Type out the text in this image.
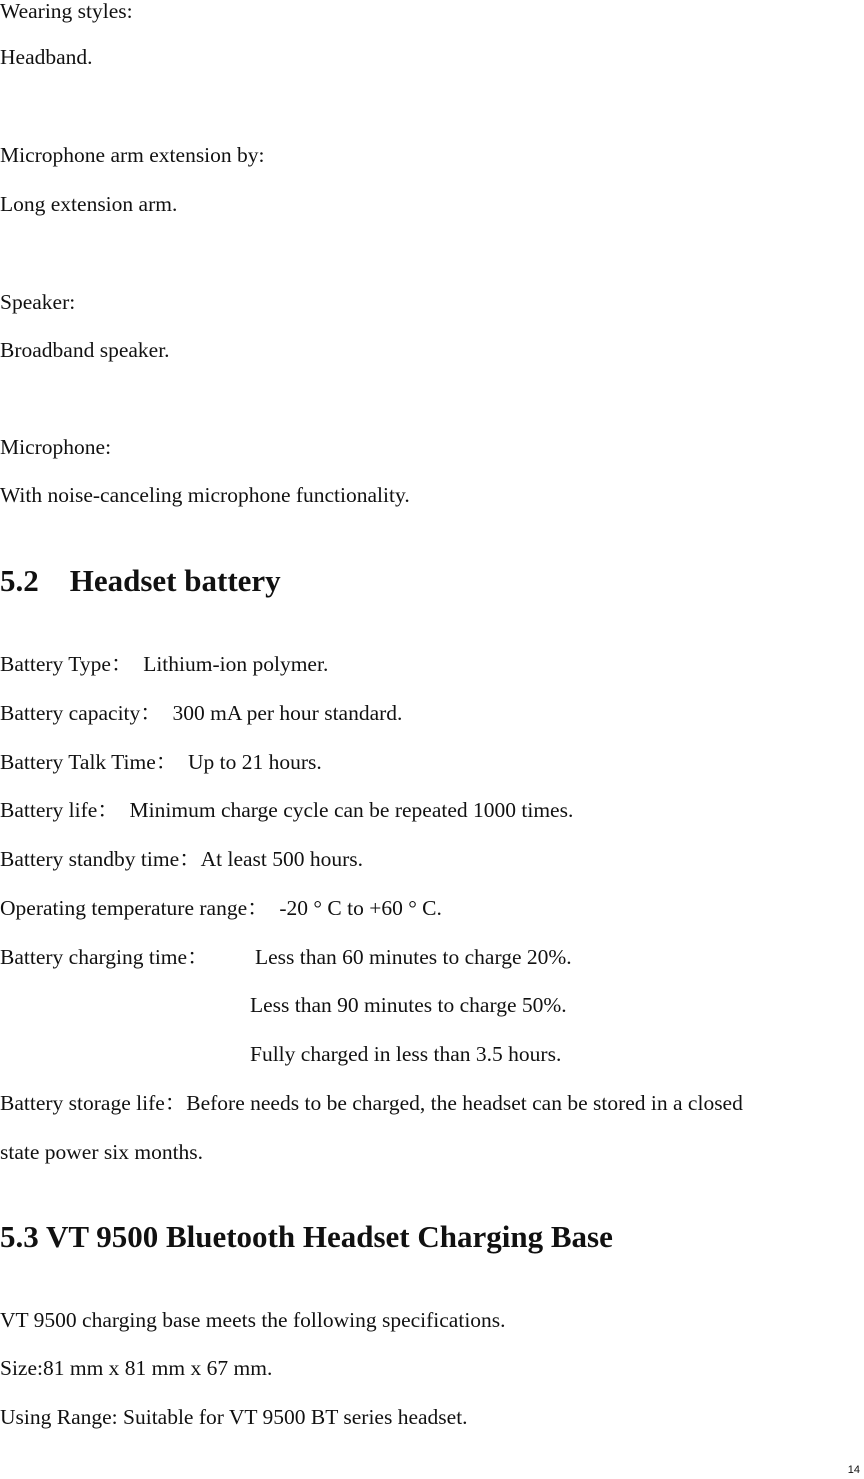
Wearing styles:
Headband.
Microphone arm extension by:
Long extension arm.
Speaker:
Broadband speaker.
Microphone:
With noise-canceling microphone functionality.
5.2    Headset battery
Battery Type：  Lithium-ion polymer.
Battery capacity：  300 mA per hour standard.
Battery Talk Time：  Up to 21 hours.
Battery life：  Minimum charge cycle can be repeated 1000 times.
Battery standby time：At least 500 hours.
Operating temperature range：  -20 ° C to +60 ° C.
Battery charging time： Less than 60 minutes to charge 20%.
Less than 90 minutes to charge 50%.
Fully charged in less than 3.5 hours.
Battery storage life：Before needs to be charged, the headset can be stored in a closed
state power six months.
5.3 VT 9500 Bluetooth Headset Charging Base
VT 9500 charging base meets the following specifications.
Size:81 mm x 81 mm x 67 mm.
Using Range: Suitable for VT 9500 BT series headset.
14
